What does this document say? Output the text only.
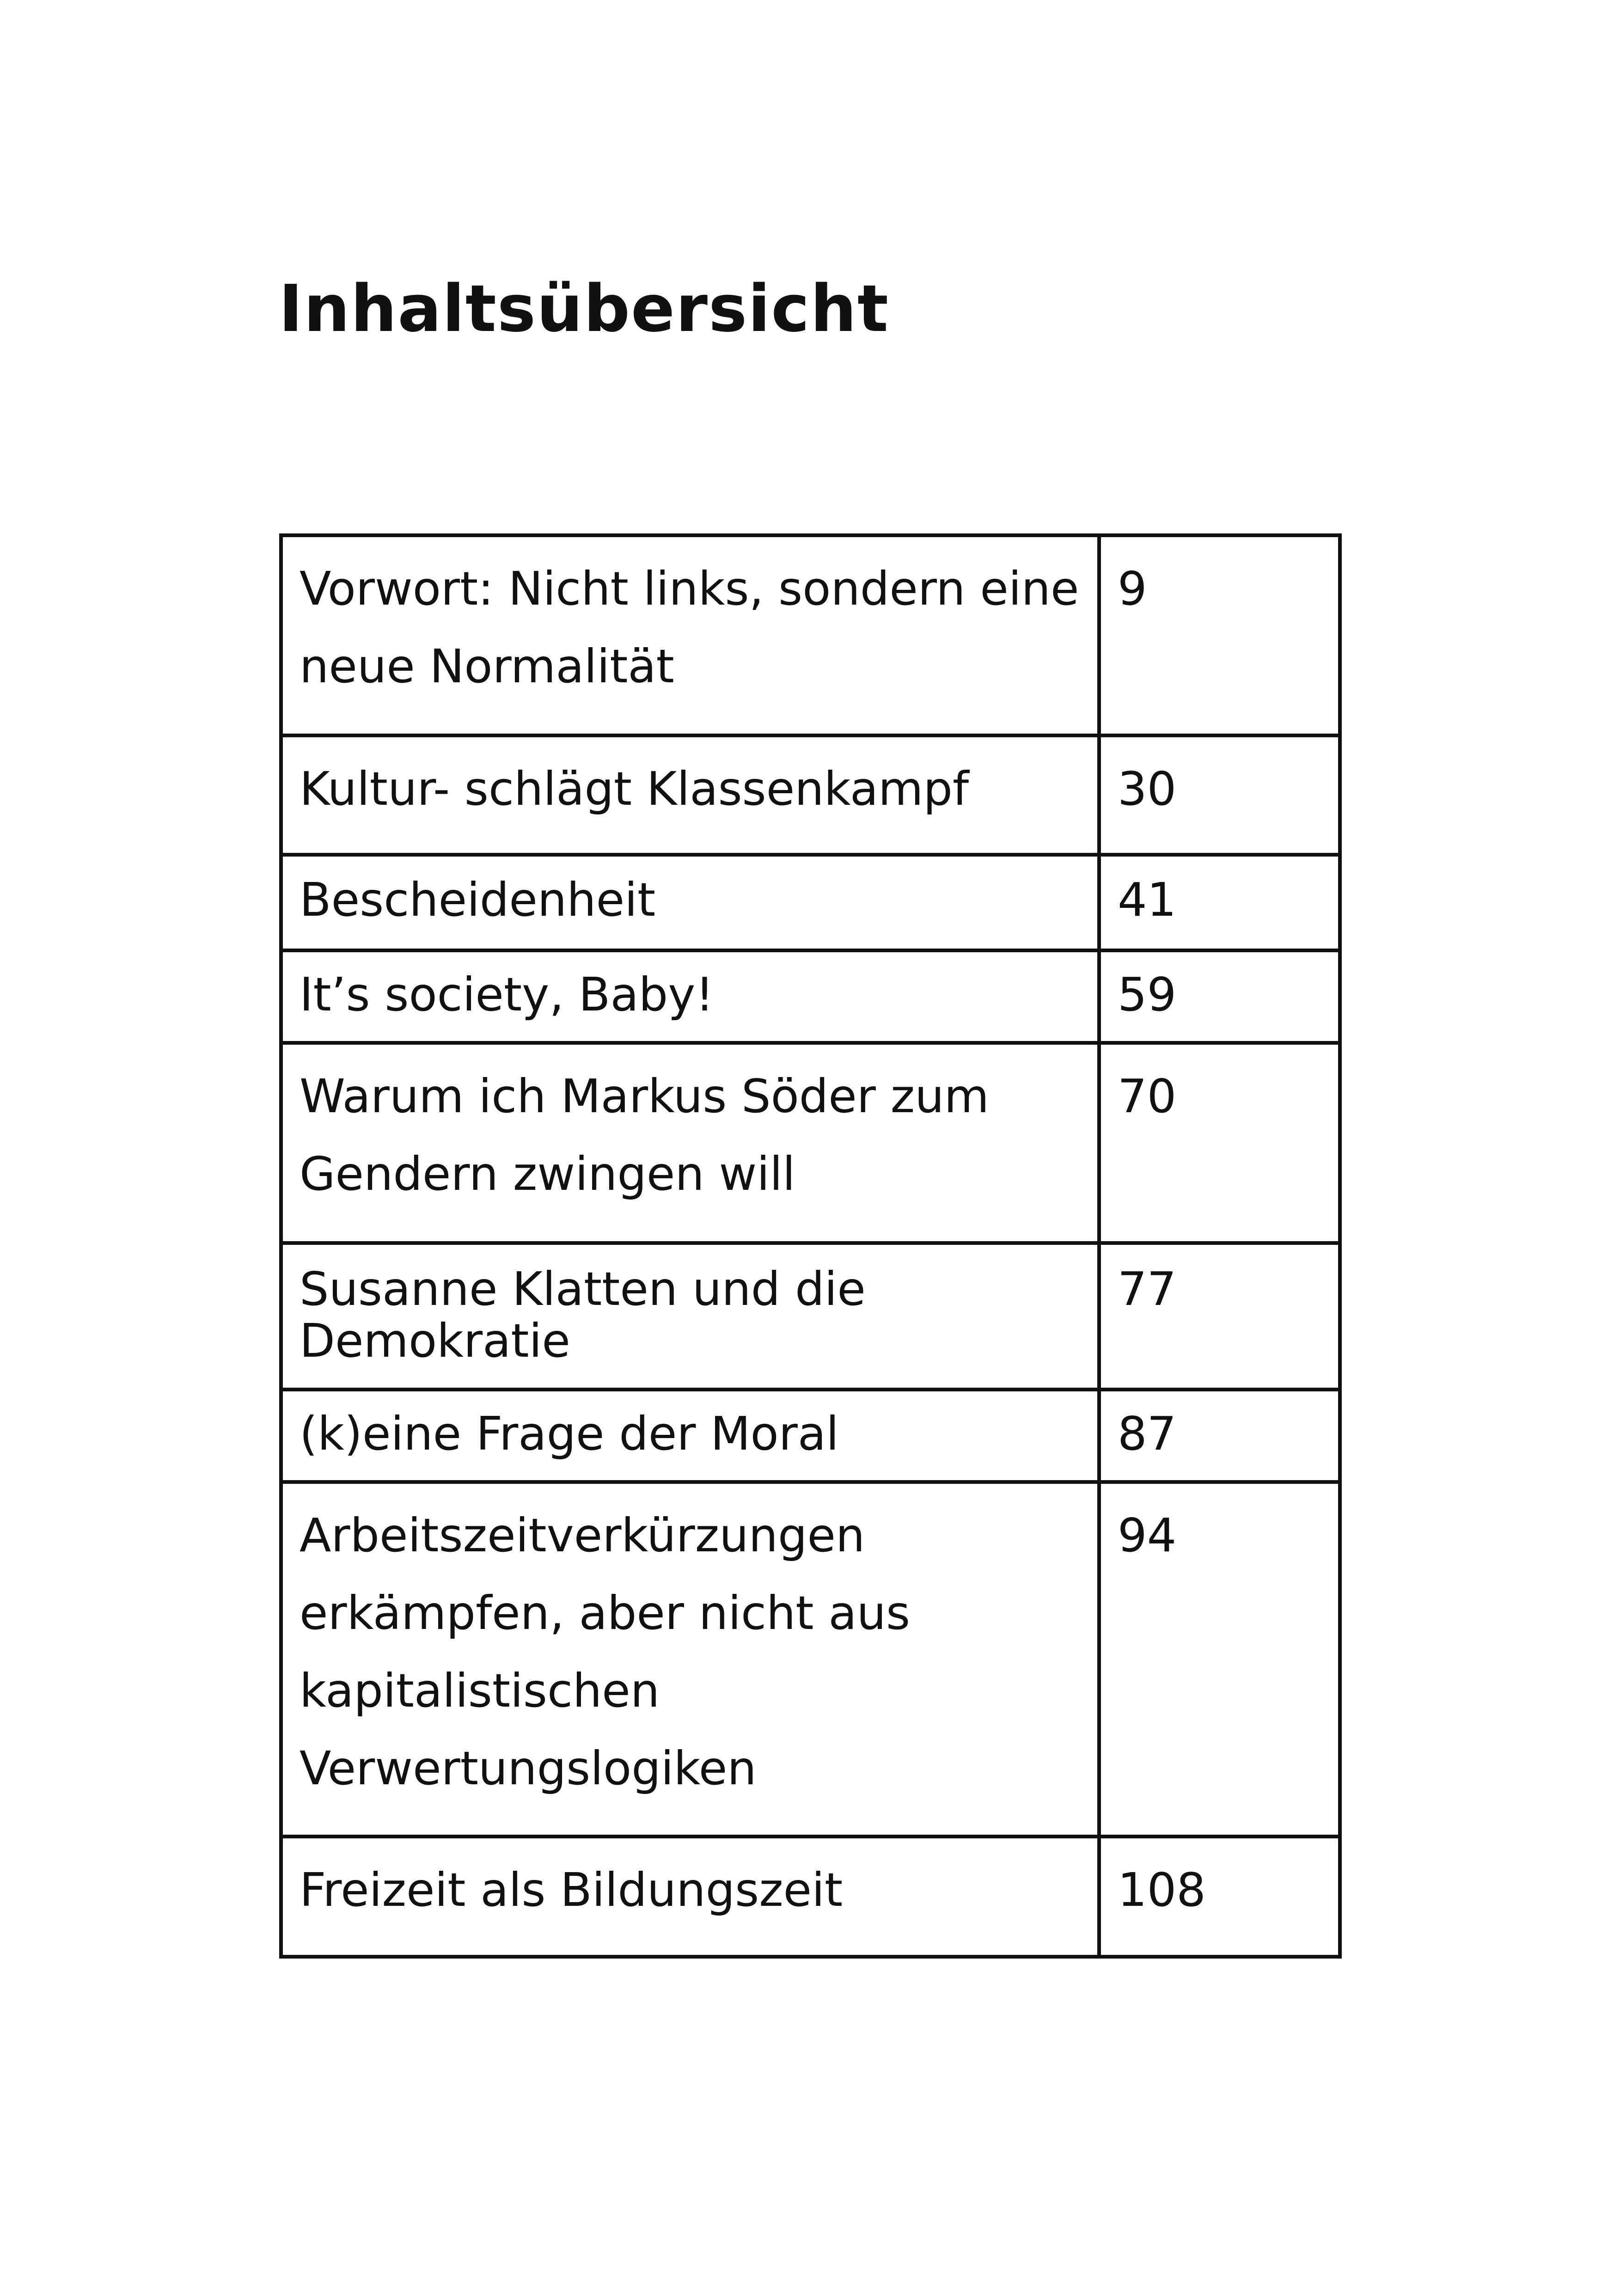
Inhaltsübersicht
Vorwort: Nicht links, sondern eine neue Normalität	9
Kultur- schlägt Klassenkampf	30
Bescheidenheit	41
It’s society, Baby!	59
Warum ich Markus Söder zum Gendern zwingen will	70
Susanne Klatten und die Demokratie	77
(k)eine Frage der Moral	87
Arbeitszeitverkürzungen erkämpfen, aber nicht aus kapitalistischen Verwertungslogiken	94
Freizeit als Bildungszeit	108
